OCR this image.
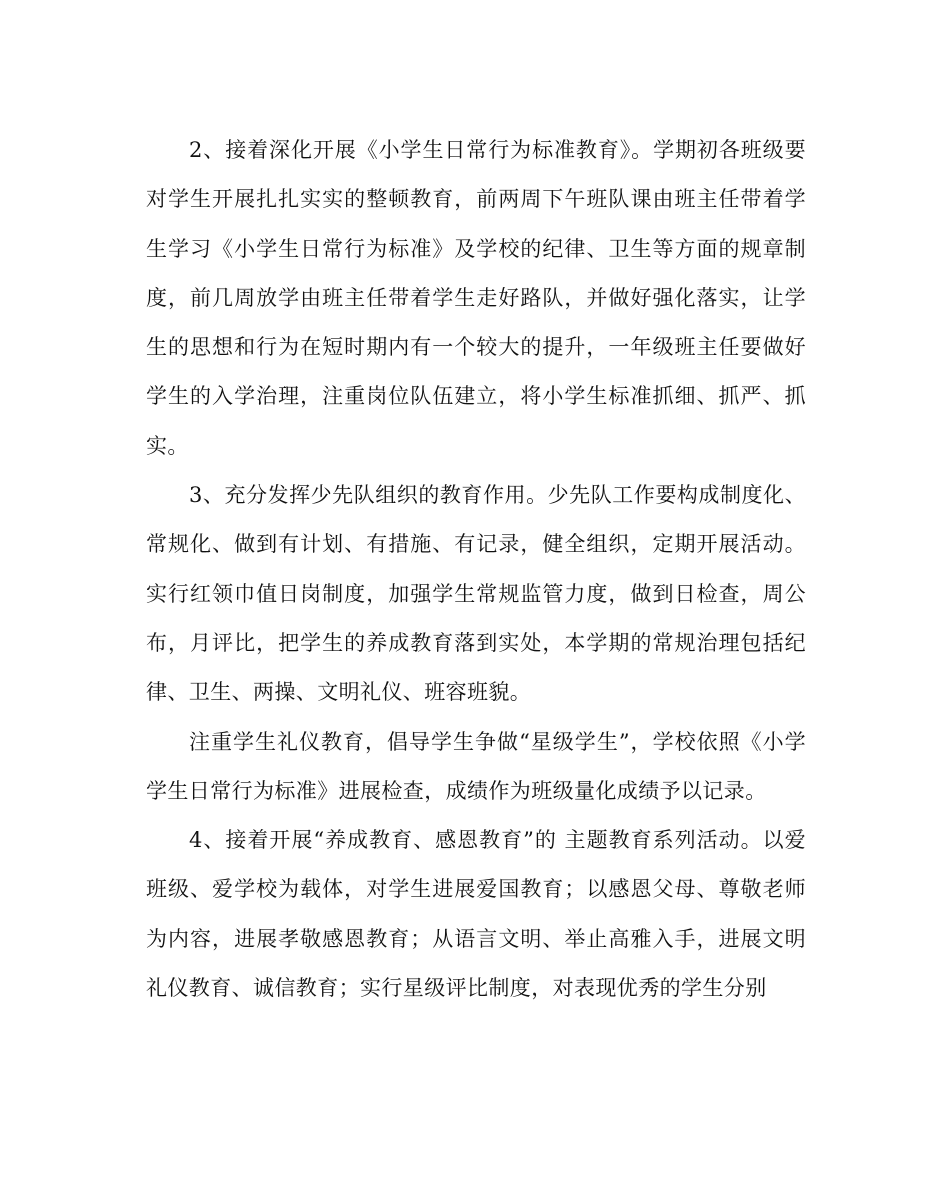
2、接着深化开展《小学生日常行为标准教育》。学期初各班级要对学生开展扎扎实实的整顿教育，前两周下午班队课由班主任带着学生学习《小学生日常行为标准》及学校的纪律、卫生等方面的规章制度，前几周放学由班主任带着学生走好路队，并做好强化落实，让学生的思想和行为在短时期内有一个较大的提升，一年级班主任要做好学生的入学治理，注重岗位队伍建立，将小学生标准抓细、抓严、抓实。

3、充分发挥少先队组织的教育作用。少先队工作要构成制度化、常规化、做到有计划、有措施、有记录，健全组织，定期开展活动。实行红领巾值日岗制度，加强学生常规监管力度，做到日检查，周公布，月评比，把学生的养成教育落到实处，本学期的常规治理包括纪律、卫生、两操、文明礼仪、班容班貌。

注重学生礼仪教育，倡导学生争做“星级学生”，学校依照《小学学生日常行为标准》进展检查，成绩作为班级量化成绩予以记录。

4、接着开展“养成教育、感恩教育”的 主题教育系列活动。以爱班级、爱学校为载体，对学生进展爱国教育；以感恩父母、尊敬老师为内容，进展孝敬感恩教育；从语言文明、举止高雅入手，进展文明礼仪教育、诚信教育；实行星级评比制度，对表现优秀的学生分别
